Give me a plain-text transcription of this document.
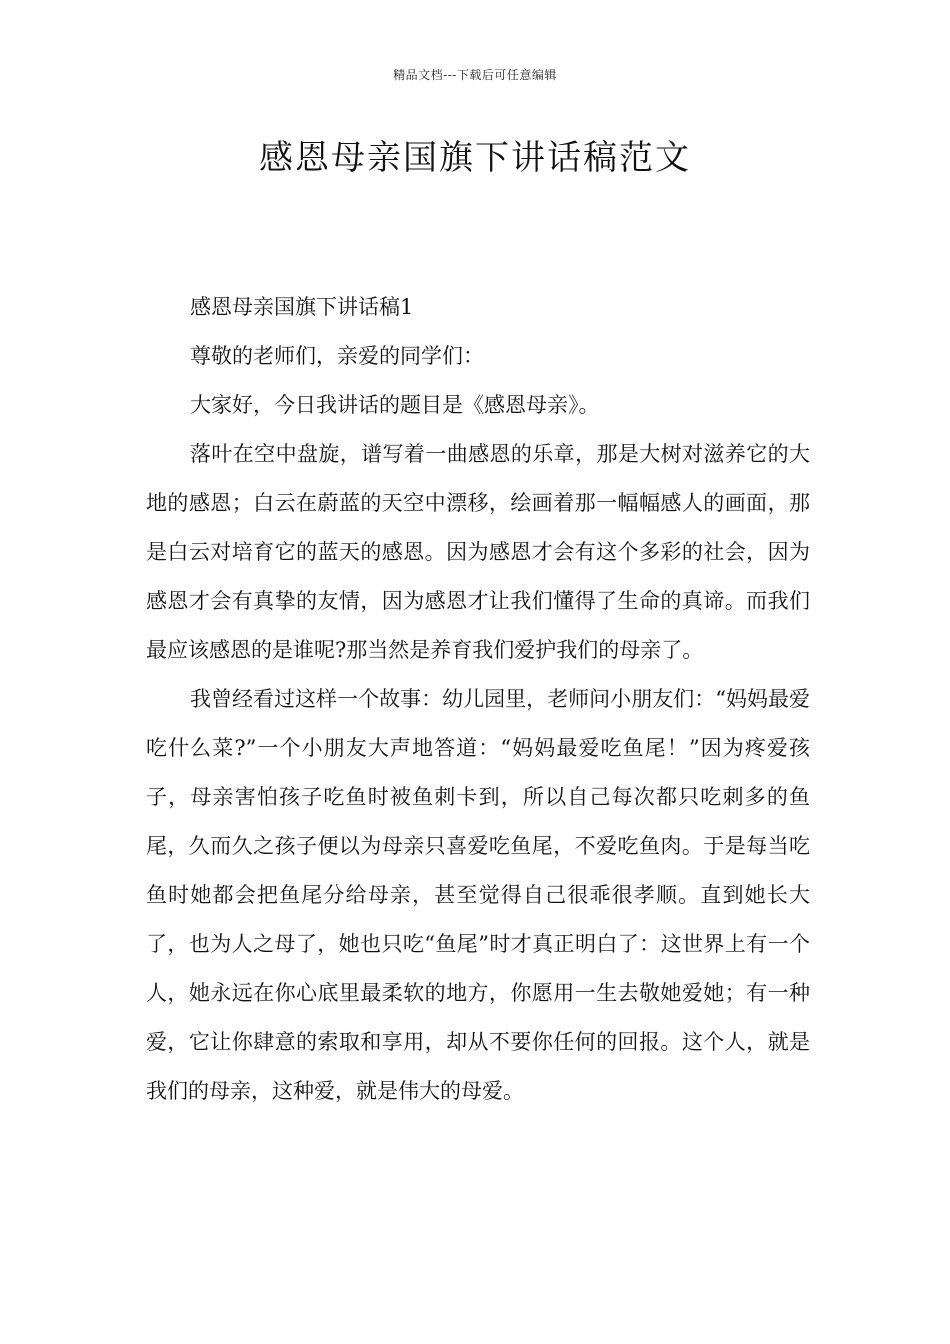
精品文档---下载后可任意编辑
感恩母亲国旗下讲话稿范文

感恩母亲国旗下讲话稿1

尊敬的老师们，亲爱的同学们：

大家好，今日我讲话的题目是《感恩母亲》。

落叶在空中盘旋，谱写着一曲感恩的乐章，那是大树对滋养它的大地的感恩；白云在蔚蓝的天空中漂移，绘画着那一幅幅感人的画面，那是白云对培育它的蓝天的感恩。因为感恩才会有这个多彩的社会，因为感恩才会有真挚的友情，因为感恩才让我们懂得了生命的真谛。而我们最应该感恩的是谁呢?那当然是养育我们爱护我们的母亲了。

我曾经看过这样一个故事：幼儿园里，老师问小朋友们：“妈妈最爱吃什么菜?”一个小朋友大声地答道：“妈妈最爱吃鱼尾！”因为疼爱孩子，母亲害怕孩子吃鱼时被鱼刺卡到，所以自己每次都只吃刺多的鱼尾，久而久之孩子便以为母亲只喜爱吃鱼尾，不爱吃鱼肉。于是每当吃鱼时她都会把鱼尾分给母亲，甚至觉得自己很乖很孝顺。直到她长大了，也为人之母了，她也只吃“鱼尾”时才真正明白了：这世界上有一个人，她永远在你心底里最柔软的地方，你愿用一生去敬她爱她；有一种爱，它让你肆意的索取和享用，却从不要你任何的回报。这个人，就是我们的母亲，这种爱，就是伟大的母爱。
